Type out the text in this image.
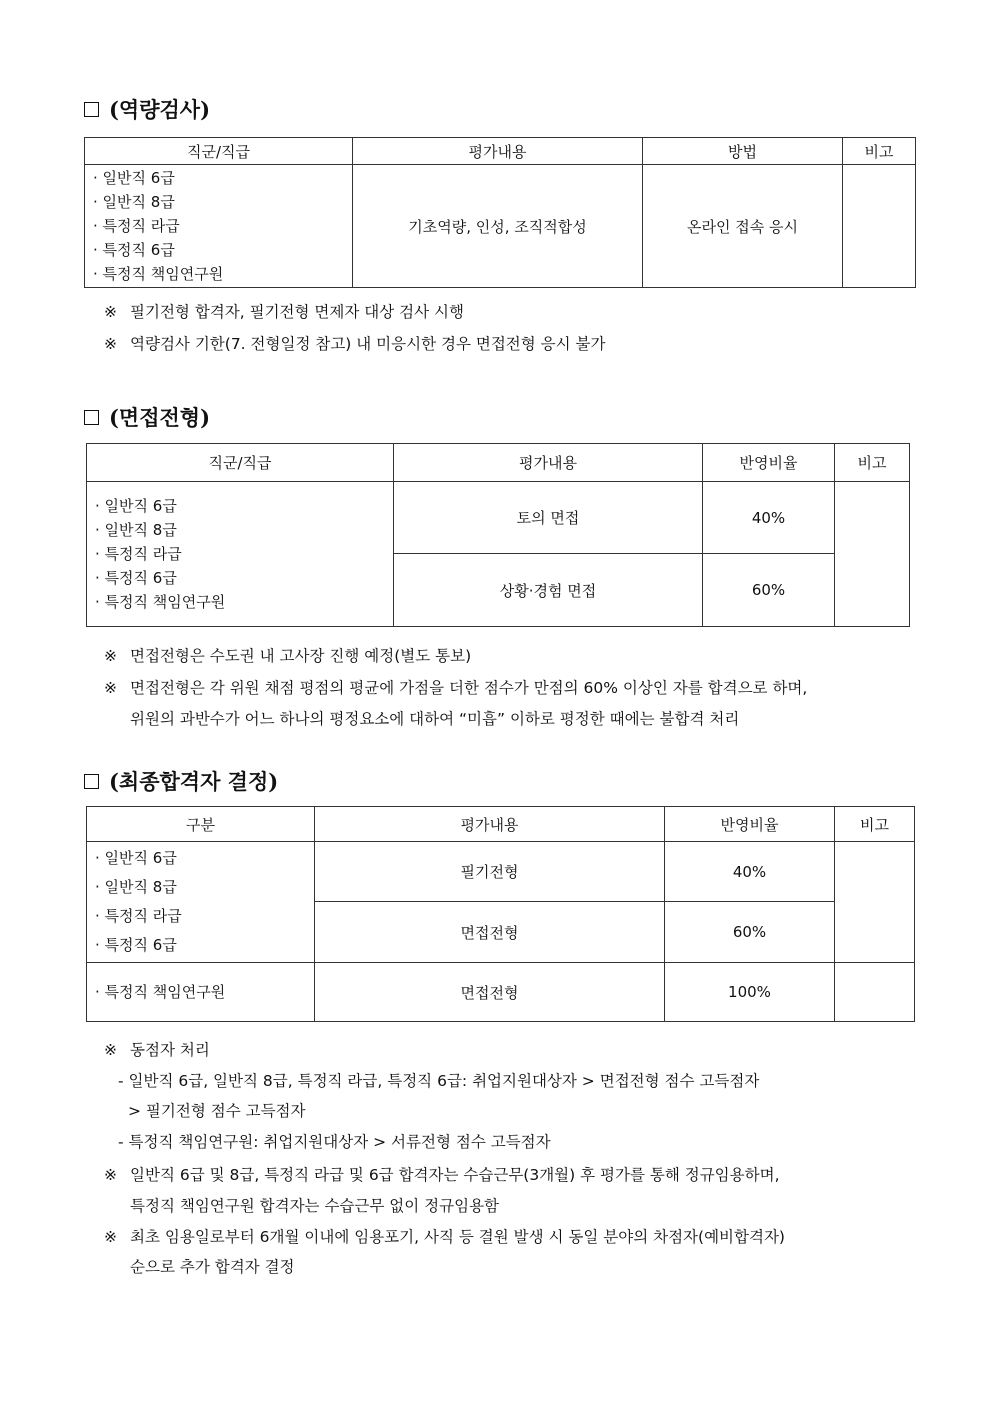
(역량검사)
직군/직급	평가내용	방법	비고

· 일반직 6급
· 일반직 8급
· 특정직 라급
· 특정직 6급
· 특정직 책임연구원	기초역량, 인성, 조직적합성	온라인 접속 응시	
※ 필기전형 합격자, 필기전형 면제자 대상 검사 시행
※ 역량검사 기한(7. 전형일정 참고) 내 미응시한 경우 면접전형 응시 불가
(면접전형)
직군/직급	평가내용	반영비율	비고

· 일반직 6급
· 일반직 8급
· 특정직 라급
· 특정직 6급
· 특정직 책임연구원	토의 면접	40%	
	상황·경험 면접	60%	
※ 면접전형은 수도권 내 고사장 진행 예정(별도 통보)
※ 면접전형은 각 위원 채점 평점의 평균에 가점을 더한 점수가 만점의 60% 이상인 자를 합격으로 하며,
위원의 과반수가 어느 하나의 평정요소에 대하여 “미흡” 이하로 평정한 때에는 불합격 처리
(최종합격자 결정)
구분	평가내용	반영비율	비고

· 일반직 6급
· 일반직 8급
· 특정직 라급
· 특정직 6급	필기전형	40%	
	면접전형	60%	
· 특정직 책임연구원	면접전형	100%	
※ 동점자 처리
- 일반직 6급, 일반직 8급, 특정직 라급, 특정직 6급: 취업지원대상자 > 면접전형 점수 고득점자
> 필기전형 점수 고득점자
- 특정직 책임연구원: 취업지원대상자 > 서류전형 점수 고득점자
※ 일반직 6급 및 8급, 특정직 라급 및 6급 합격자는 수습근무(3개월) 후 평가를 통해 정규임용하며,
특정직 책임연구원 합격자는 수습근무 없이 정규임용함
※ 최초 임용일로부터 6개월 이내에 임용포기, 사직 등 결원 발생 시 동일 분야의 차점자(예비합격자)
순으로 추가 합격자 결정
